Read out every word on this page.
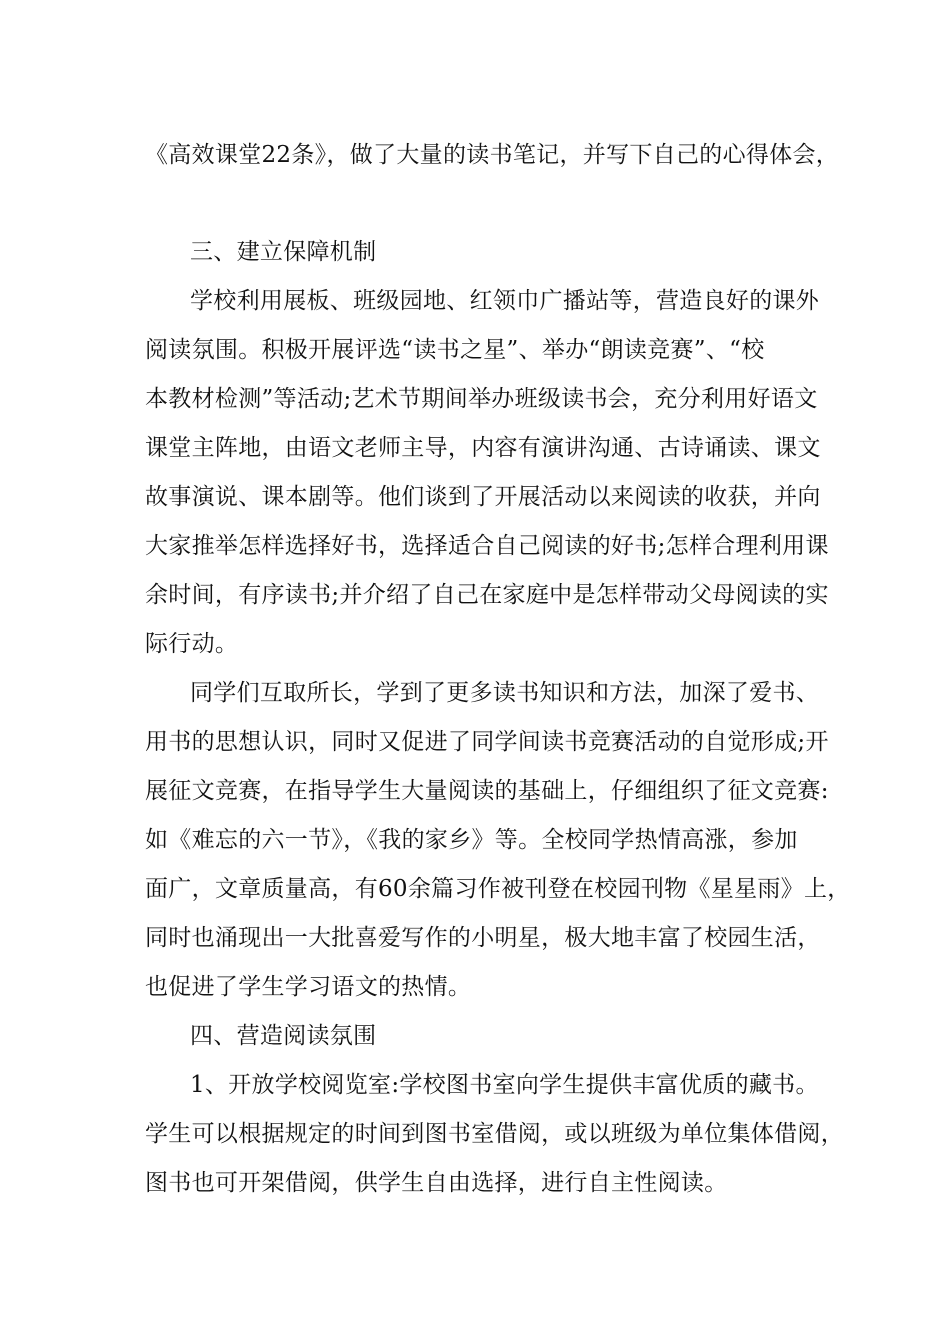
《高效课堂22条》，做了大量的读书笔记，并写下自己的心得体会，
三、建立保障机制
学校利用展板、班级园地、红领巾广播站等，营造良好的课外
阅读氛围。积极开展评选“读书之星”、举办“朗读竞赛”、“校
本教材检测”等活动;艺术节期间举办班级读书会，充分利用好语文
课堂主阵地，由语文老师主导，内容有演讲沟通、古诗诵读、课文
故事演说、课本剧等。他们谈到了开展活动以来阅读的收获，并向
大家推举怎样选择好书，选择适合自己阅读的好书;怎样合理利用课
余时间，有序读书;并介绍了自己在家庭中是怎样带动父母阅读的实
际行动。
同学们互取所长，学到了更多读书知识和方法，加深了爱书、
用书的思想认识，同时又促进了同学间读书竞赛活动的自觉形成;开
展征文竞赛，在指导学生大量阅读的基础上，仔细组织了征文竞赛:
如《难忘的六一节》，《我的家乡》等。全校同学热情高涨，参加
面广，文章质量高，有60余篇习作被刊登在校园刊物《星星雨》上，
同时也涌现出一大批喜爱写作的小明星，极大地丰富了校园生活，
也促进了学生学习语文的热情。
四、营造阅读氛围
1、开放学校阅览室:学校图书室向学生提供丰富优质的藏书。
学生可以根据规定的时间到图书室借阅，或以班级为单位集体借阅，
图书也可开架借阅，供学生自由选择，进行自主性阅读。
